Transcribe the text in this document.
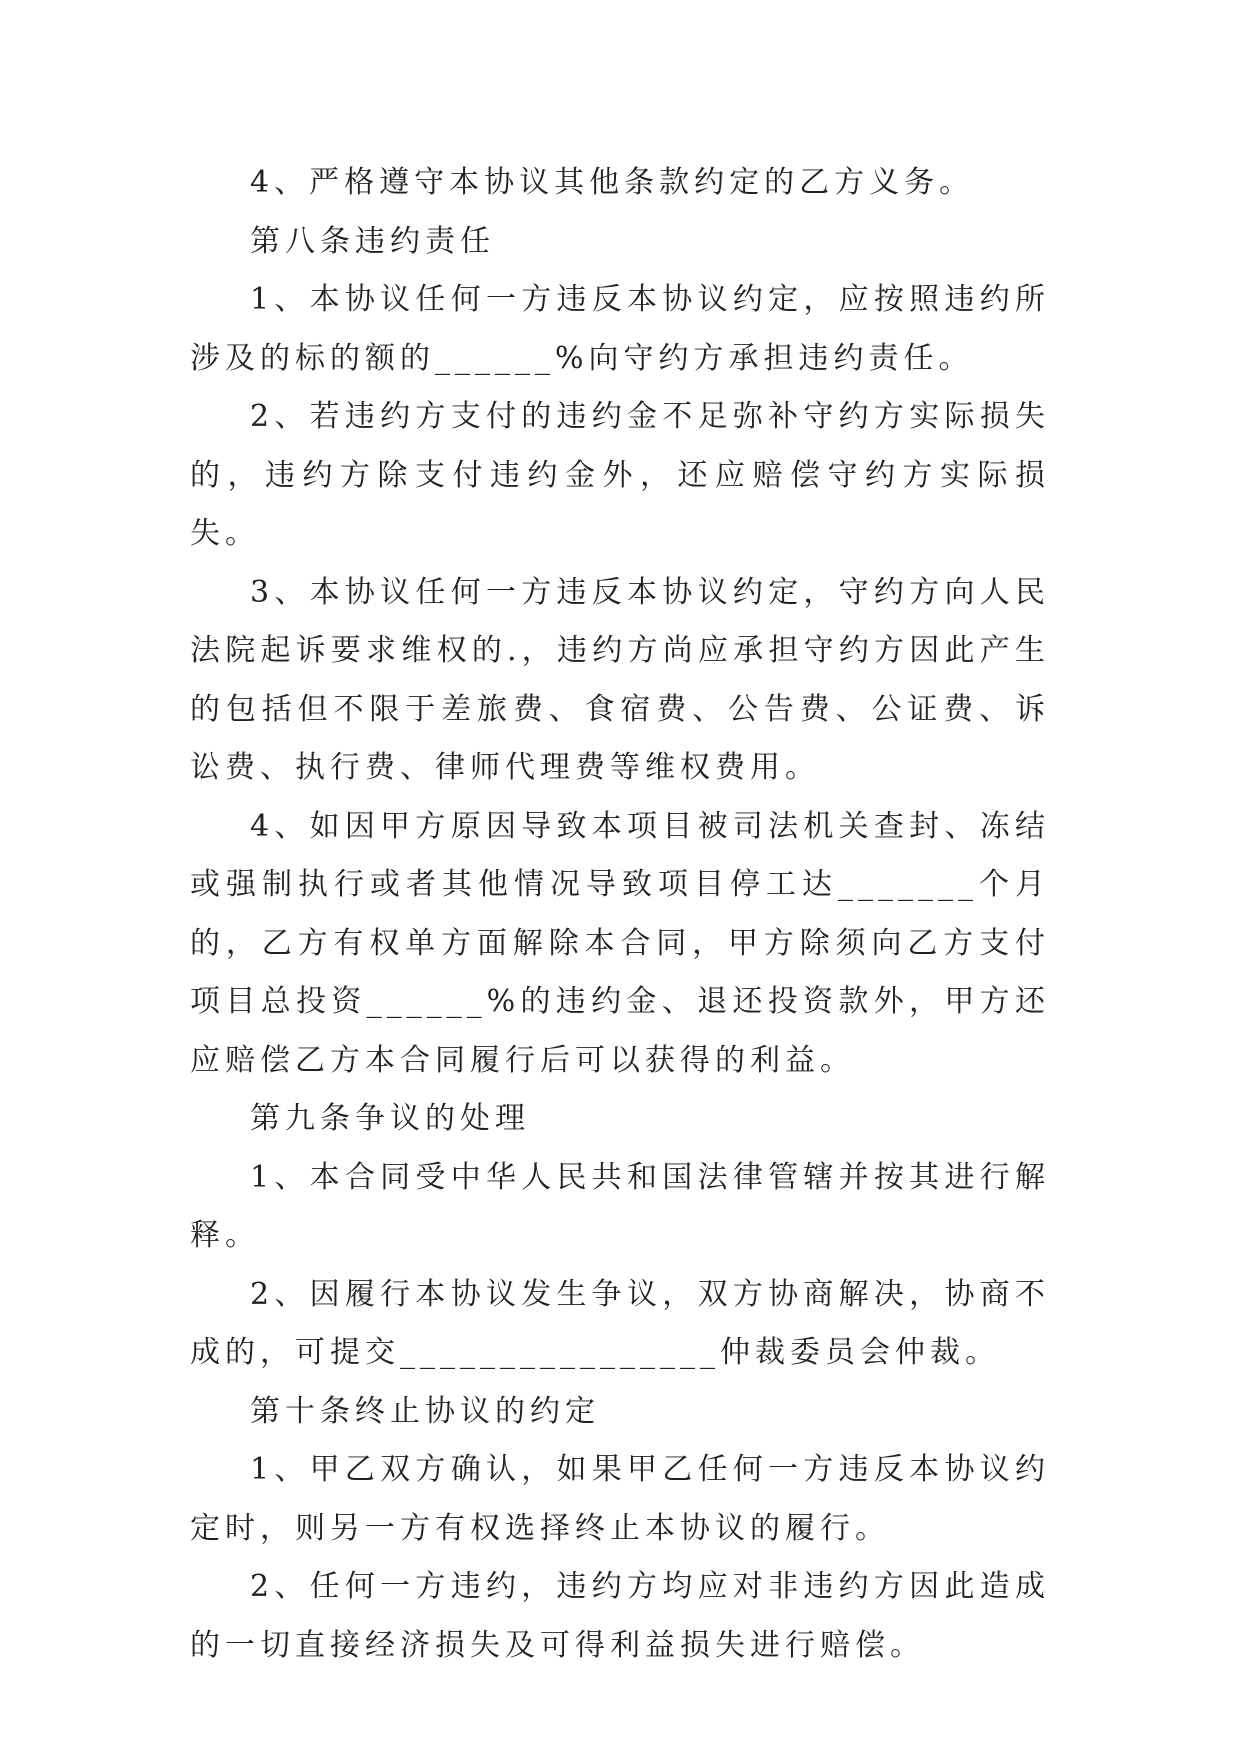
4、严格遵守本协议其他条款约定的乙方义务。

第八条违约责任

1、本协议任何一方违反本协议约定，应按照违约所涉及的标的额的______%向守约方承担违约责任。

2、若违约方支付的违约金不足弥补守约方实际损失的，违约方除支付违约金外，还应赔偿守约方实际损失。

3、本协议任何一方违反本协议约定，守约方向人民法院起诉要求维权的.，违约方尚应承担守约方因此产生的包括但不限于差旅费、食宿费、公告费、公证费、诉讼费、执行费、律师代理费等维权费用。

4、如因甲方原因导致本项目被司法机关查封、冻结或强制执行或者其他情况导致项目停工达_______个月的，乙方有权单方面解除本合同，甲方除须向乙方支付项目总投资______%的违约金、退还投资款外，甲方还应赔偿乙方本合同履行后可以获得的利益。

第九条争议的处理

1、本合同受中华人民共和国法律管辖并按其进行解释。

2、因履行本协议发生争议，双方协商解决，协商不成的，可提交________________仲裁委员会仲裁。

第十条终止协议的约定

1、甲乙双方确认，如果甲乙任何一方违反本协议约定时，则另一方有权选择终止本协议的履行。

2、任何一方违约，违约方均应对非违约方因此造成的一切直接经济损失及可得利益损失进行赔偿。
